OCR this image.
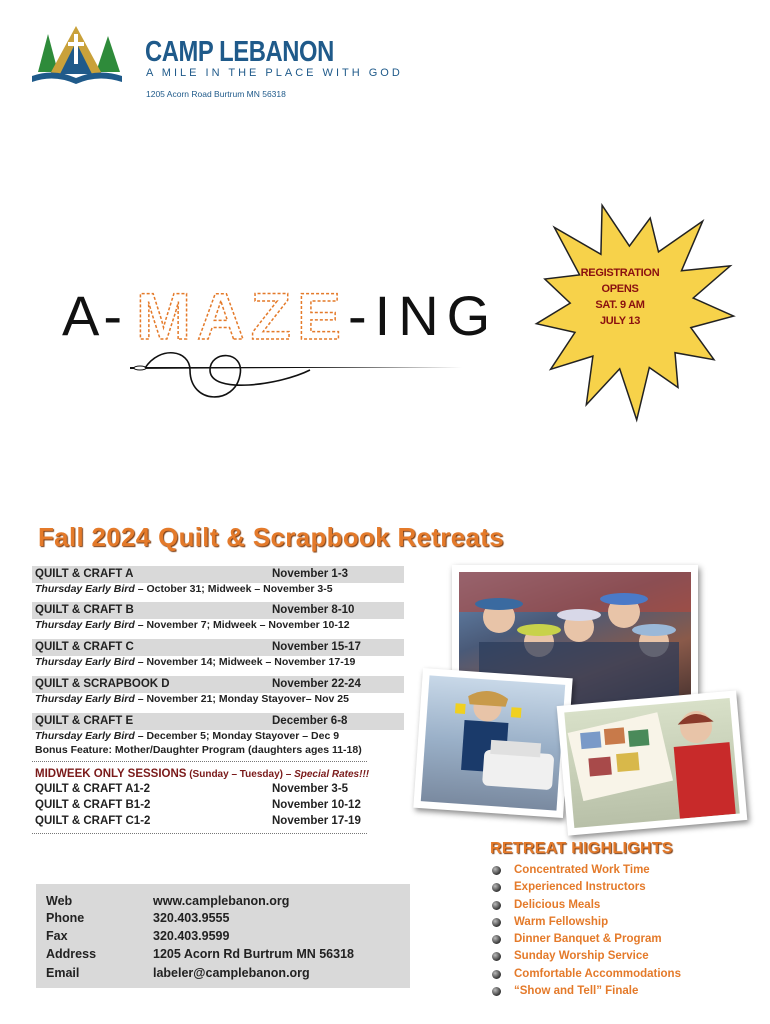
CAMP LEBANON
A MILE IN THE PLACE WITH GOD
1205 Acorn Road Burtrum MN 56318
A- MAZE -ING
REGISTRATION
OPENS
SAT. 9 AM
JULY 13
Fall 2024 Quilt & Scrapbook Retreats
QUILT & CRAFT A	November 1-3
Thursday Early Bird – October 31; Midweek – November 3-5
QUILT & CRAFT B	November 8-10
Thursday Early Bird – November 7; Midweek – November 10-12
QUILT & CRAFT C	November 15-17
Thursday Early Bird – November 14; Midweek – November 17-19
QUILT & SCRAPBOOK D	November 22-24
Thursday Early Bird – November 21; Monday Stayover– Nov 25
QUILT & CRAFT E	December 6-8
Thursday Early Bird – December 5; Monday Stayover – Dec 9
Bonus Feature: Mother/Daughter Program (daughters ages 11-18)
MIDWEEK ONLY SESSIONS (Sunday – Tuesday) – Special Rates!!!
QUILT & CRAFT A1-2	November 3-5
QUILT & CRAFT B1-2	November 10-12
QUILT & CRAFT C1-2	November 17-19
RETREAT HIGHLIGHTS
Concentrated Work Time
Experienced Instructors
Delicious Meals
Warm Fellowship
Dinner Banquet & Program
Sunday Worship Service
Comfortable Accommodations
“Show and Tell” Finale
Web	www.camplebanon.org
Phone	320.403.9555
Fax	320.403.9599
Address	1205 Acorn Rd Burtrum MN 56318
Email	labeler@camplebanon.org
